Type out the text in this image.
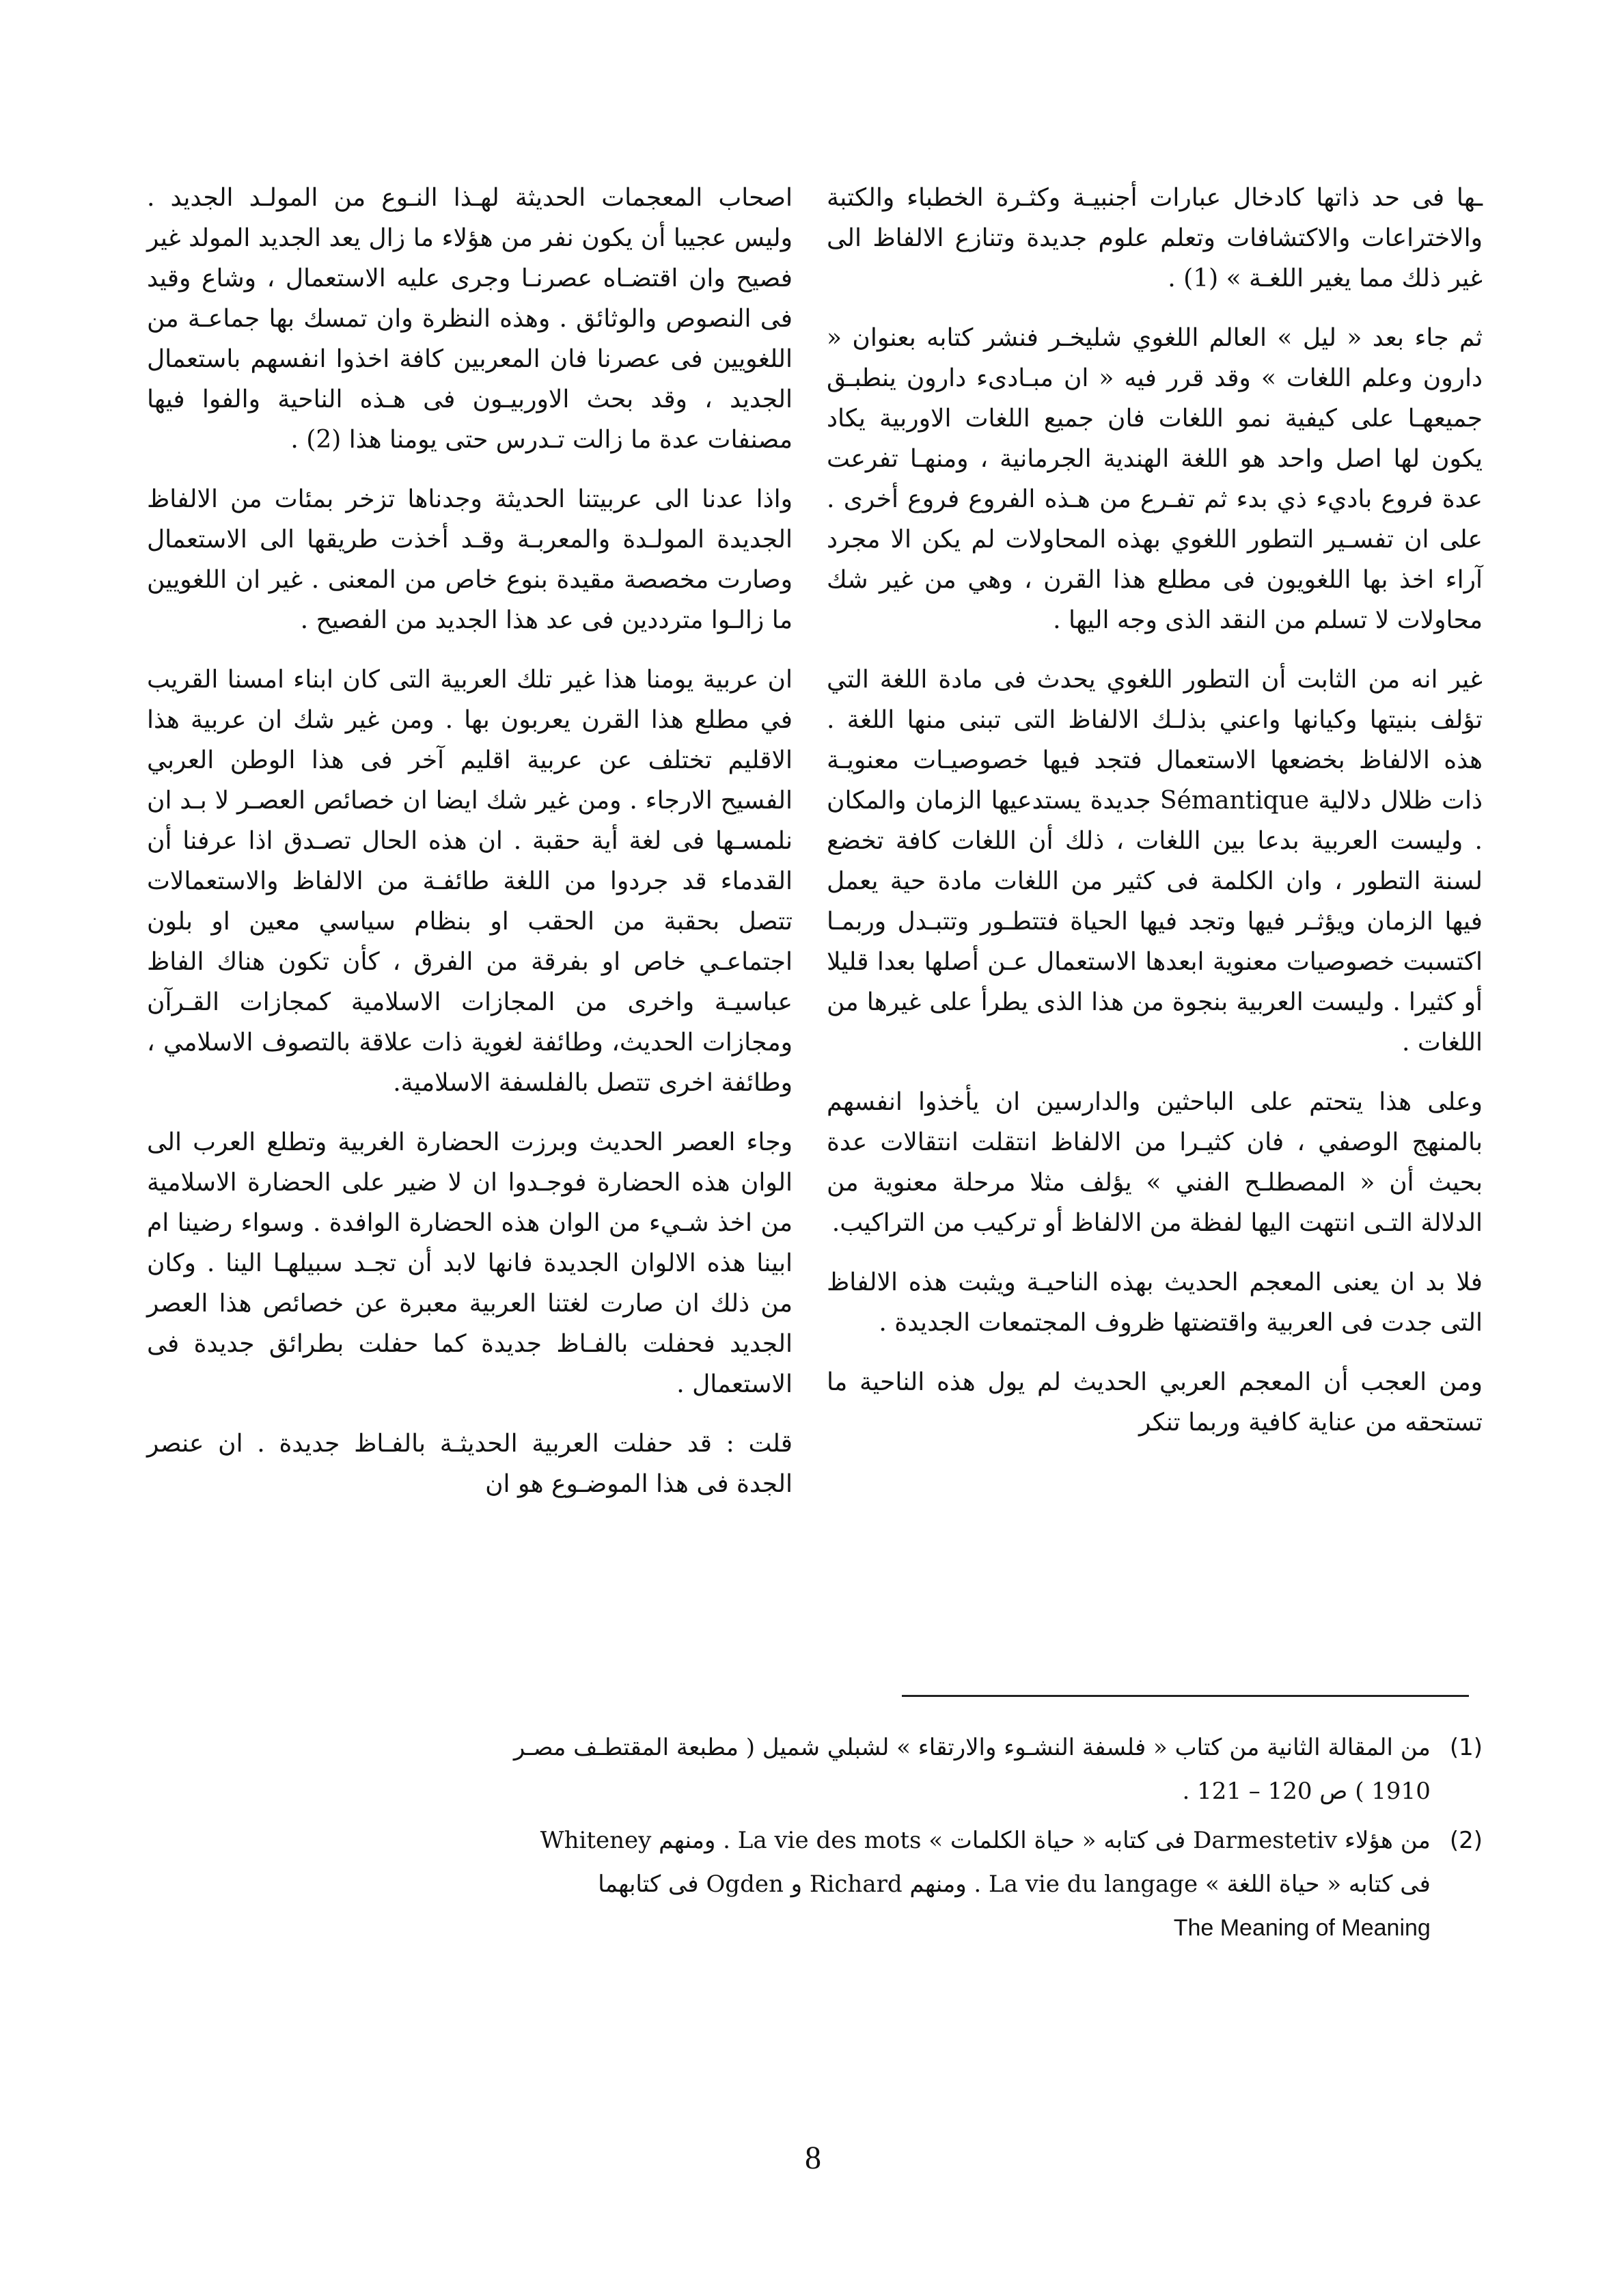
ـها فى حد ذاتها كادخال عبارات أجنبيـة وكثـرة الخطباء والكتبة والاختراعات والاكتشافات وتعلم علوم جديدة وتنازع الالفاظ الى غير ذلك مما يغير اللغـة » (1) .

ثم جاء بعد « ليل » العالم اللغوي شليخـر فنشر كتابه بعنوان « دارون وعلم اللغات » وقد قرر فيه « ان مبـادىء دارون ينطبـق جميعهـا على كيفية نمو اللغات فان جميع اللغات الاوربية يكاد يكون لها اصل واحد هو اللغة الهندية الجرمانية ، ومنهـا تفرعت عدة فروع باديء ذي بدء ثم تفـرع من هـذه الفروع فروع أخرى . على ان تفسـير التطور اللغوي بهذه المحاولات لم يكن الا مجرد آراء اخذ بها اللغويون فى مطلع هذا القرن ، وهي من غير شك محاولات لا تسلم من النقد الذى وجه اليها .

غير انه من الثابت أن التطور اللغوي يحدث فى مادة اللغة التي تؤلف بنيتها وكيانها واعني بذلـك الالفاظ التى تبنى منها اللغة . هذه الالفاظ بخضعها الاستعمال فتجد فيها خصوصيـات معنويـة ذات ظلال دلالية Sémantique جديدة يستدعيها الزمان والمكان . وليست العربية بدعا بين اللغات ، ذلك أن اللغات كافة تخضع لسنة التطور ، وان الكلمة فى كثير من اللغات مادة حية يعمل فيها الزمان ويؤثـر فيها وتجد فيها الحياة فتتطـور وتتبـدل وربمـا اكتسبت خصوصيات معنوية ابعدها الاستعمال عـن أصلها بعدا قليلا أو كثيرا . وليست العربية بنجوة من هذا الذى يطرأ على غيرها من اللغات .

وعلى هذا يتحتم على الباحثين والدارسين ان يأخذوا انفسهم بالمنهج الوصفي ، فان كثيـرا من الالفاظ انتقلت انتقالات عدة بحيث أن « المصطلـح الفني » يؤلف مثلا مرحلة معنوية من الدلالة التـى انتهت اليها لفظة من الالفاظ أو تركيب من التراكيب.

فلا بد ان يعنى المعجم الحديث بهذه الناحيـة ويثبت هذه الالفاظ التى جدت فى العربية واقتضتها ظروف المجتمعات الجديدة .

ومن العجب أن المعجم العربي الحديث لم يول هذه الناحية ما تستحقه من عناية كافية وربما تنكر

اصحاب المعجمات الحديثة لهـذا النـوع من المولـد الجديد . وليس عجيبا أن يكون نفر من هؤلاء ما زال يعد الجديد المولد غير فصيح وان اقتضـاه عصرنـا وجرى عليه الاستعمال ، وشاع وقيد فى النصوص والوثائق . وهذه النظرة وان تمسك بها جماعـة من اللغويين فى عصرنا فان المعربين كافة اخذوا انفسهم باستعمال الجديد ، وقد بحث الاوربيـون فى هـذه الناحية والفوا فيها مصنفات عدة ما زالت تـدرس حتى يومنا هذا (2) .

واذا عدنا الى عربيتنا الحديثة وجدناها تزخر بمئات من الالفاظ الجديدة المولـدة والمعربـة وقـد أخذت طريقها الى الاستعمال وصارت مخصصة مقيدة بنوع خاص من المعنى . غير ان اللغويين ما زالـوا مترددين فى عد هذا الجديد من الفصيح .

ان عربية يومنا هذا غير تلك العربية التى كان ابناء امسنا القريب في مطلع هذا القرن يعربون بها . ومن غير شك ان عربية هذا الاقليم تختلف عن عربية اقليم آخر فى هذا الوطن العربي الفسيح الارجاء . ومن غير شك ايضا ان خصائص العصـر لا بـد ان نلمسـها فى لغة أية حقبة . ان هذه الحال تصـدق اذا عرفنا أن القدماء قد جردوا من اللغة طائفـة من الالفاظ والاستعمالات تتصل بحقبة من الحقب او بنظام سياسي معين او بلون اجتماعـي خاص او بفرقة من الفرق ، كأن تكون هناك الفاظ عباسيـة واخرى من المجازات الاسلامية كمجازات القـرآن ومجازات الحديث، وطائفة لغوية ذات علاقة بالتصوف الاسلامي ، وطائفة اخرى تتصل بالفلسفة الاسلامية.

وجاء العصر الحديث وبرزت الحضارة الغربية وتطلع العرب الى الوان هذه الحضارة فوجـدوا ان لا ضير على الحضارة الاسلامية من اخذ شـيء من الوان هذه الحضارة الوافدة . وسواء رضينا ام ابينا هذه الالوان الجديدة فانها لابد أن تجـد سبيلهـا الينا . وكان من ذلك ان صارت لغتنا العربية معبرة عن خصائص هذا العصر الجديد فحفلت بالفـاظ جديدة كما حفلت بطرائق جديدة فى الاستعمال .

قلت : قد حفلت العربية الحديثـة بالفـاظ جديدة . ان عنصر الجدة فى هذا الموضـوع هو ان

(1)
من المقالة الثانية من كتاب « فلسفة النشـوء والارتقاء » لشبلي شميل ( مطبعة المقتطـف مصـر
1910 ) ص 120 – 121 .
(2)
من هؤلاء Darmestetiv فى كتابه « حياة الكلمات » La vie des mots . ومنهم Whiteney
فى كتابه « حياة اللغة » La vie du langage . ومنهم Richard و Ogden فى كتابهما
The Meaning of Meaning
8
